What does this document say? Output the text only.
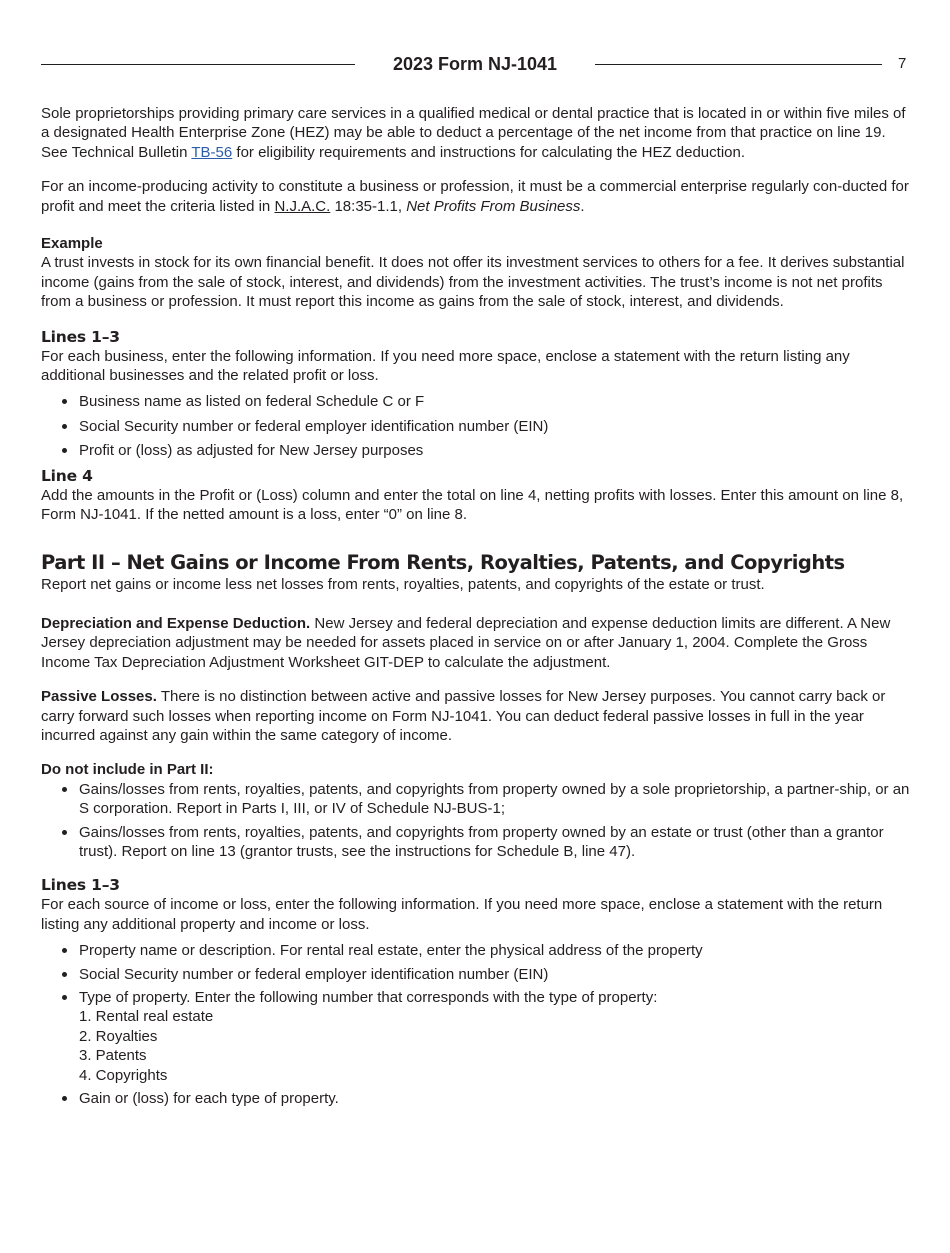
2023 Form NJ-1041	7

Sole proprietorships providing primary care services in a qualified medical or dental practice that is located in or within five miles of a designated Health Enterprise Zone (HEZ) may be able to deduct a percentage of the net income from that practice on line 19. See Technical Bulletin TB-56 for eligibility requirements and instructions for calculating the HEZ deduction.

For an income-producing activity to constitute a business or profession, it must be a commercial enterprise regularly con-ducted for profit and meet the criteria listed in N.J.A.C. 18:35-1.1, Net Profits From Business.

Example

A trust invests in stock for its own financial benefit. It does not offer its investment services to others for a fee. It derives substantial income (gains from the sale of stock, interest, and dividends) from the investment activities. The trust’s income is not net profits from a business or profession. It must report this income as gains from the sale of stock, interest, and dividends.

Lines 1–3

For each business, enter the following information. If you need more space, enclose a statement with the return listing any additional businesses and the related profit or loss.

Business name as listed on federal Schedule C or F
Social Security number or federal employer identification number (EIN)
Profit or (loss) as adjusted for New Jersey purposes
Line 4

Add the amounts in the Profit or (Loss) column and enter the total on line 4, netting profits with losses. Enter this amount on line 8, Form NJ-1041. If the netted amount is a loss, enter “0” on line 8.

Part II – Net Gains or Income From Rents, Royalties, Patents, and Copyrights

Report net gains or income less net losses from rents, royalties, patents, and copyrights of the estate or trust.

Depreciation and Expense Deduction. New Jersey and federal depreciation and expense deduction limits are different. A New Jersey depreciation adjustment may be needed for assets placed in service on or after January 1, 2004. Complete the Gross Income Tax Depreciation Adjustment Worksheet GIT-DEP to calculate the adjustment.

Passive Losses. There is no distinction between active and passive losses for New Jersey purposes. You cannot carry back or carry forward such losses when reporting income on Form NJ-1041. You can deduct federal passive losses in full in the year incurred against any gain within the same category of income.

Do not include in Part II:

Gains/losses from rents, royalties, patents, and copyrights from property owned by a sole proprietorship, a partner-ship, or an S corporation. Report in Parts I, III, or IV of Schedule NJ-BUS-1;
Gains/losses from rents, royalties, patents, and copyrights from property owned by an estate or trust (other than a grantor trust). Report on line 13 (grantor trusts, see the instructions for Schedule B, line 47).
Lines 1–3

For each source of income or loss, enter the following information. If you need more space, enclose a statement with the return listing any additional property and income or loss.

Property name or description. For rental real estate, enter the physical address of the property
Social Security number or federal employer identification number (EIN)
Type of property. Enter the following number that corresponds with the type of property:
1. Rental real estate
2. Royalties
3. Patents
4. Copyrights
Gain or (loss) for each type of property.
